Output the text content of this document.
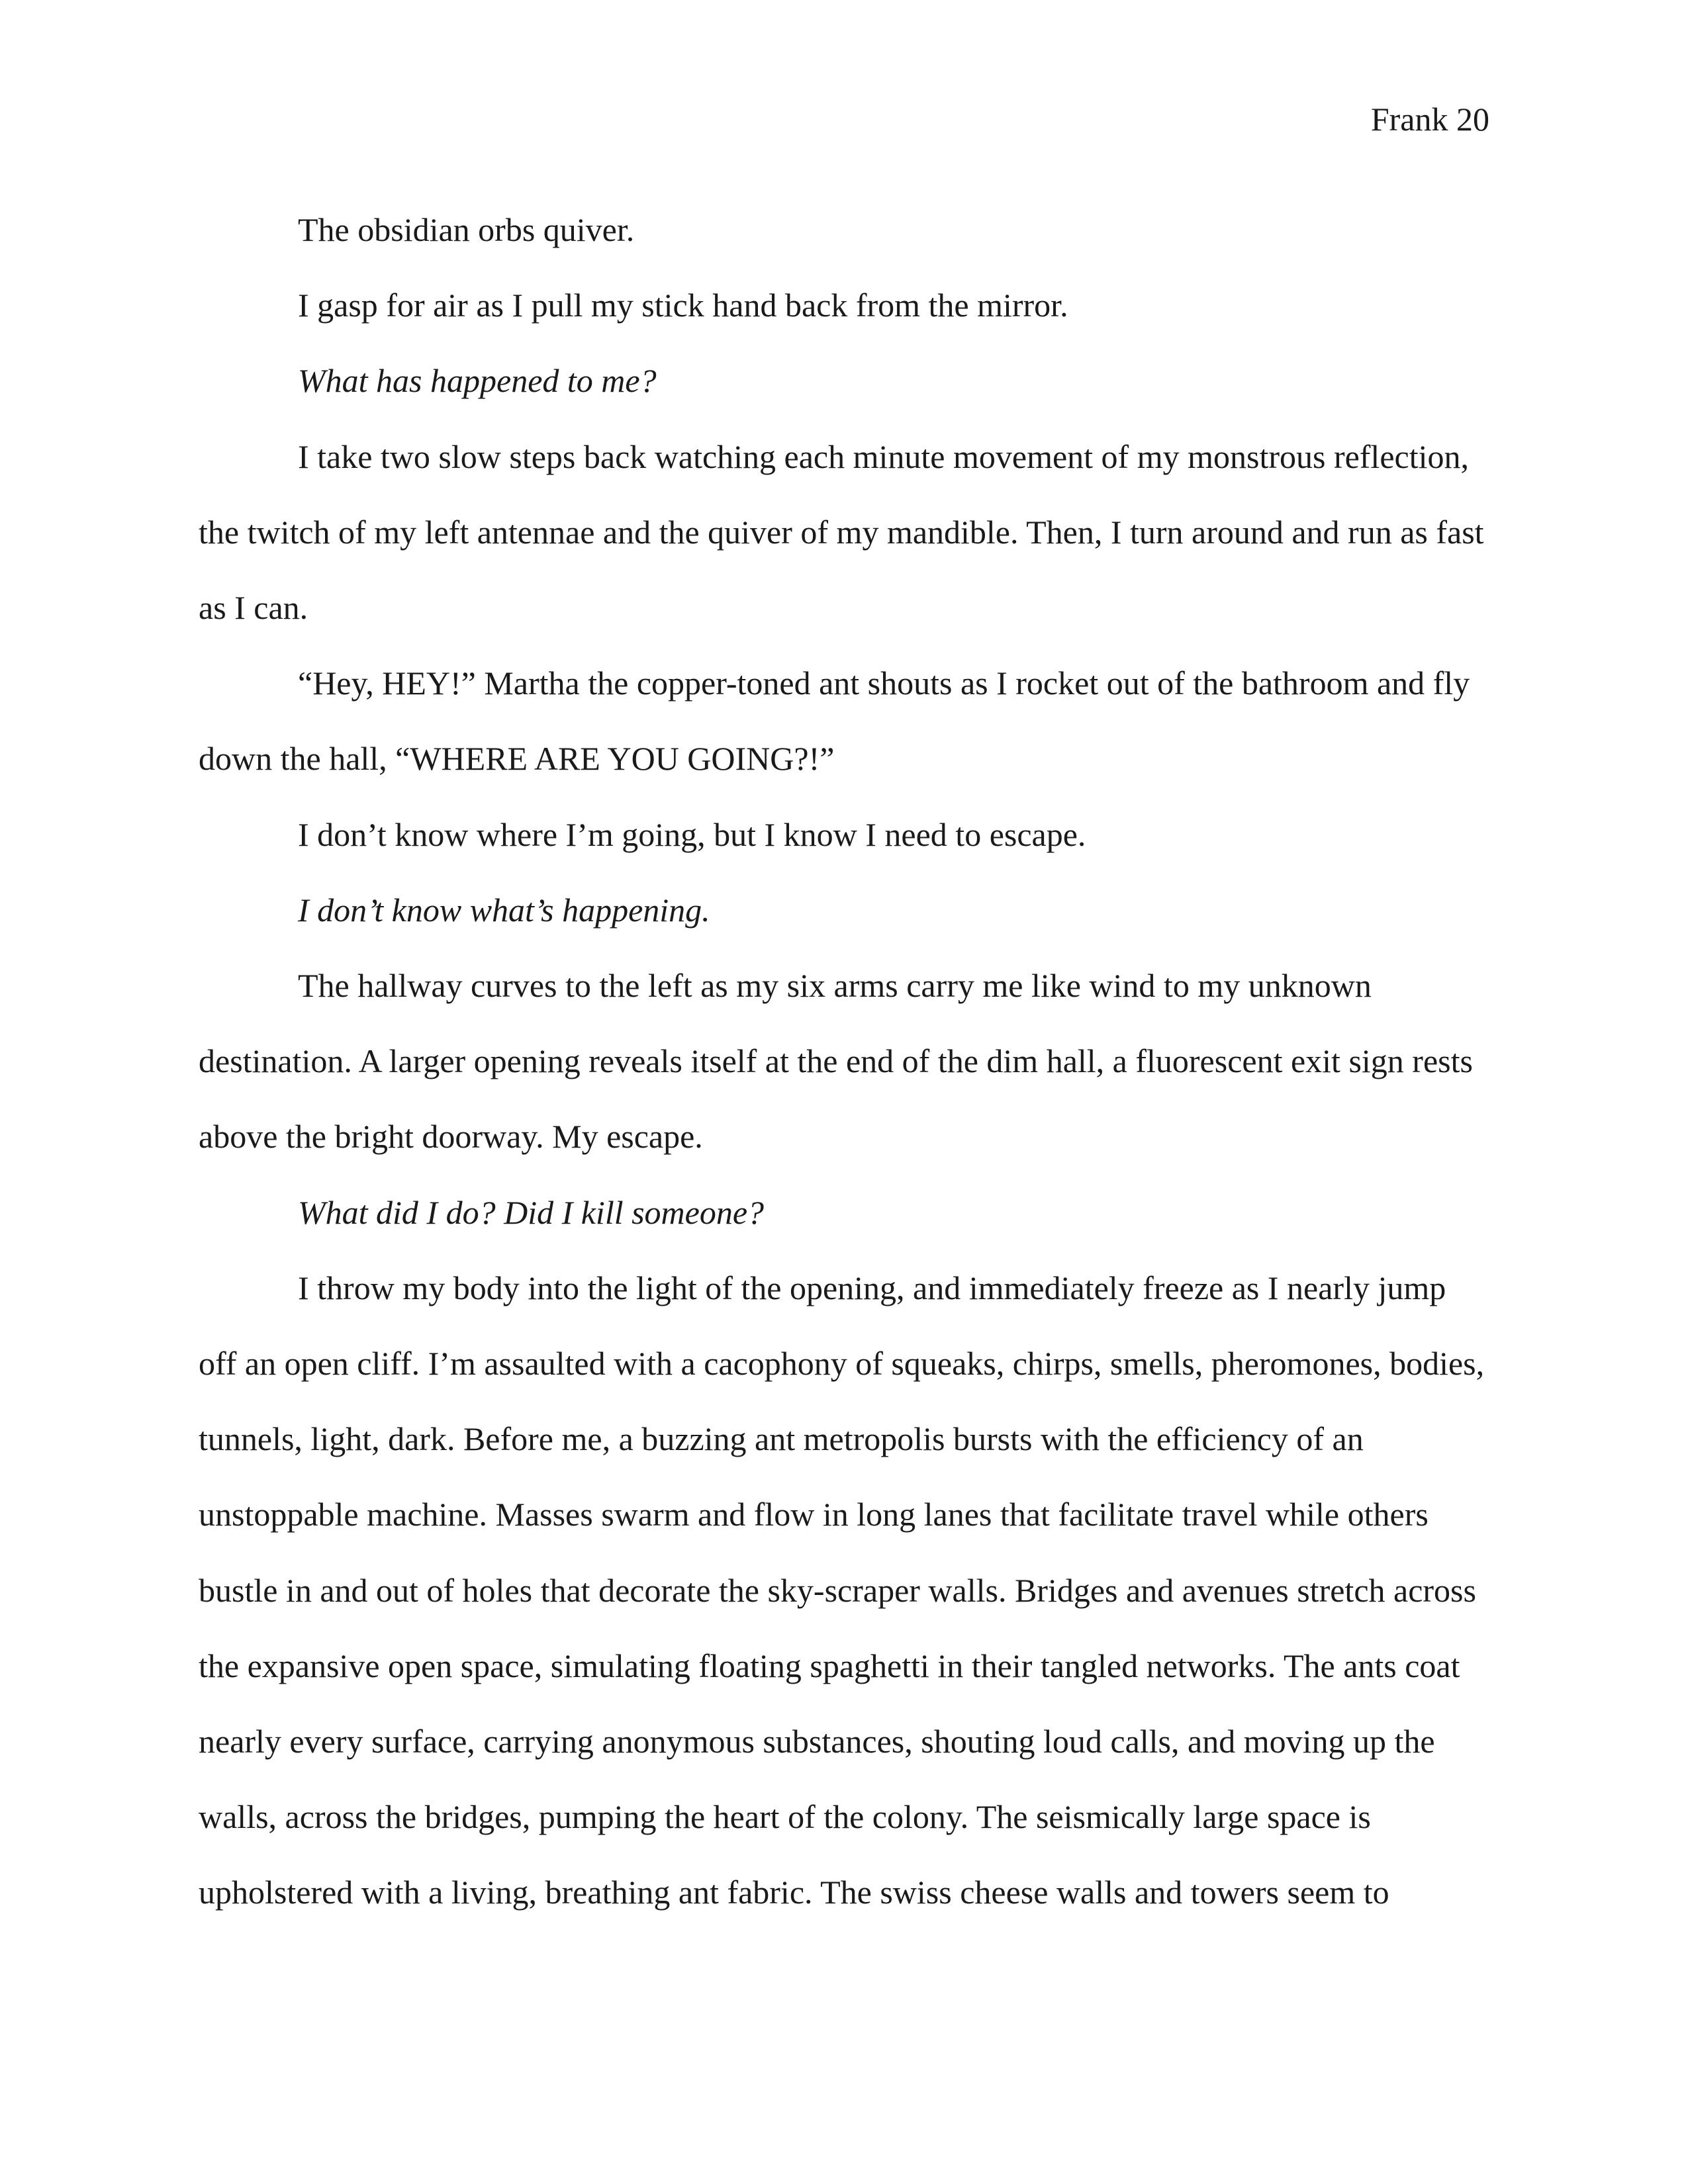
Frank 20

The obsidian orbs quiver.

I gasp for air as I pull my stick hand back from the mirror.

What has happened to me?

I take two slow steps back watching each minute movement of my monstrous reflection, the twitch of my left antennae and the quiver of my mandible. Then, I turn around and run as fast as I can.

“Hey, HEY!” Martha the copper-toned ant shouts as I rocket out of the bathroom and fly down the hall, “WHERE ARE YOU GOING?!”

I don’t know where I’m going, but I know I need to escape.

I don’t know what’s happening.

The hallway curves to the left as my six arms carry me like wind to my unknown destination. A larger opening reveals itself at the end of the dim hall, a fluorescent exit sign rests above the bright doorway. My escape.

What did I do? Did I kill someone?

I throw my body into the light of the opening, and immediately freeze as I nearly jump off an open cliff. I’m assaulted with a cacophony of squeaks, chirps, smells, pheromones, bodies, tunnels, light, dark. Before me, a buzzing ant metropolis bursts with the efficiency of an unstoppable machine. Masses swarm and flow in long lanes that facilitate travel while others bustle in and out of holes that decorate the sky-scraper walls. Bridges and avenues stretch across the expansive open space, simulating floating spaghetti in their tangled networks. The ants coat nearly every surface, carrying anonymous substances, shouting loud calls, and moving up the walls, across the bridges, pumping the heart of the colony. The seismically large space is upholstered with a living, breathing ant fabric. The swiss cheese walls and towers seem to
